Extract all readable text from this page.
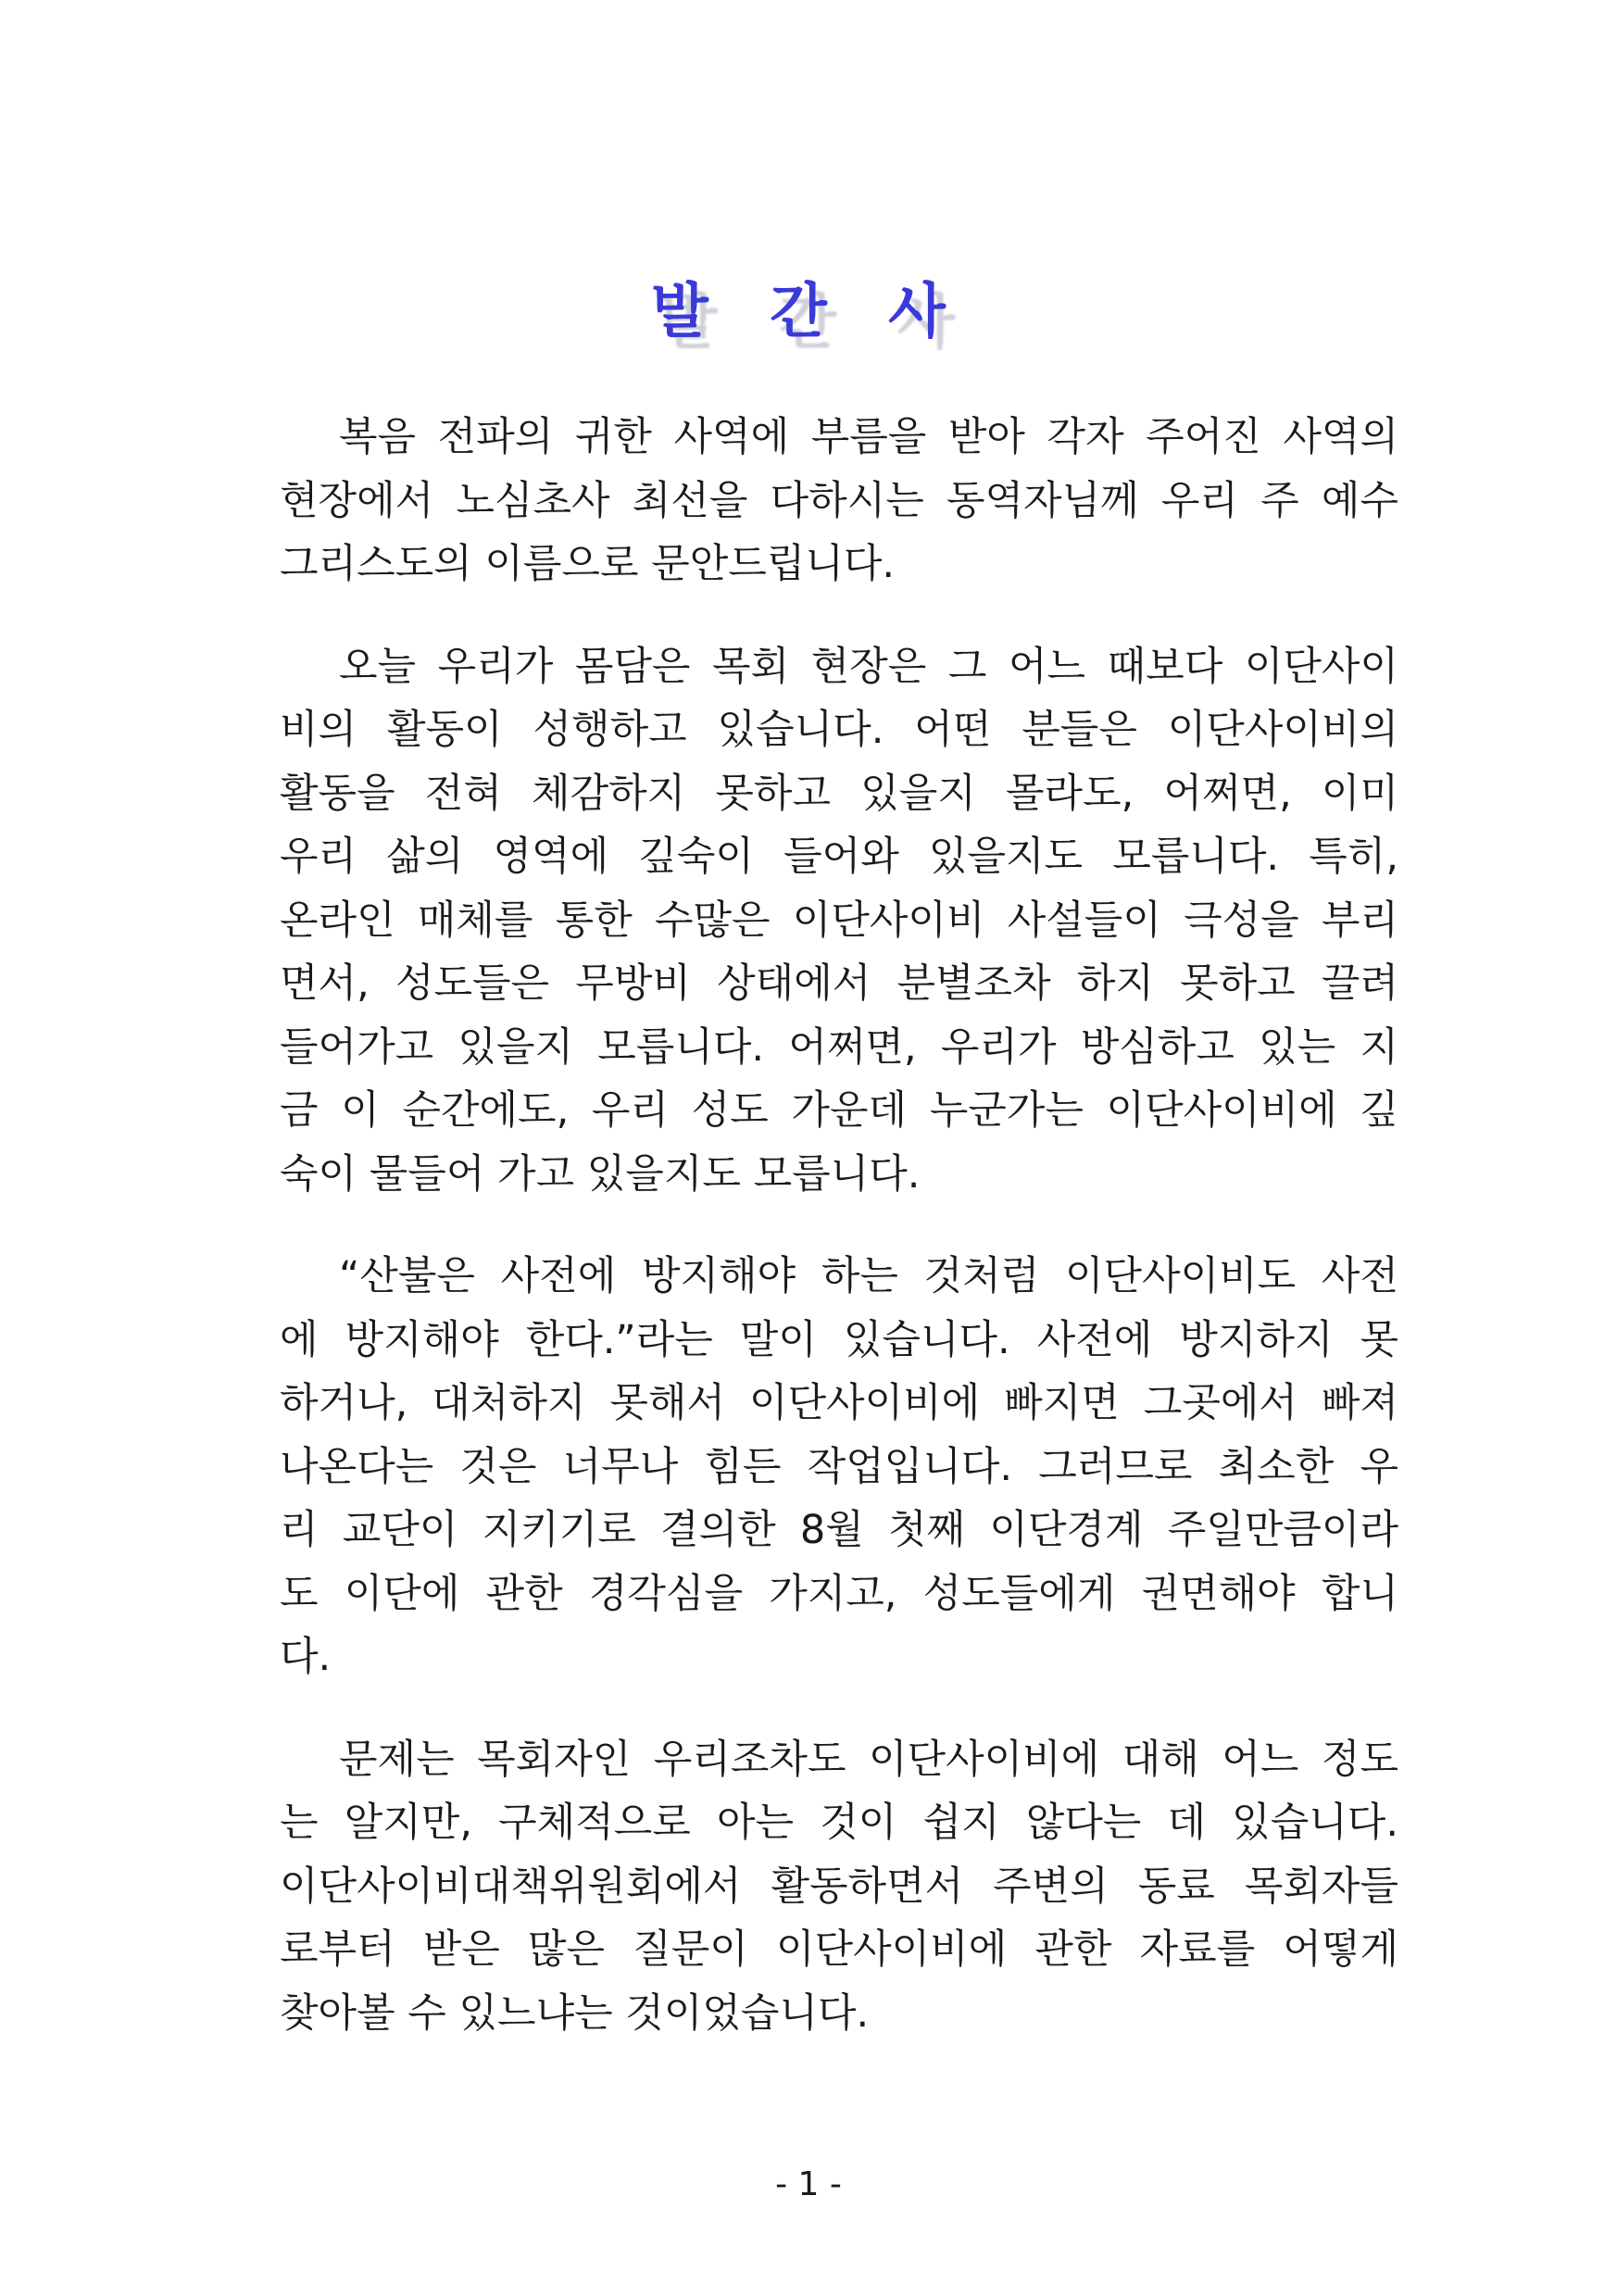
발 간 사
복음 전파의 귀한 사역에 부름을 받아 각자 주어진 사역의
현장에서 노심초사 최선을 다하시는 동역자님께 우리 주 예수
그리스도의 이름으로 문안드립니다.
오늘 우리가 몸담은 목회 현장은 그 어느 때보다 이단사이
비의 활동이 성행하고 있습니다. 어떤 분들은 이단사이비의
활동을 전혀 체감하지 못하고 있을지 몰라도, 어쩌면, 이미
우리 삶의 영역에 깊숙이 들어와 있을지도 모릅니다. 특히,
온라인 매체를 통한 수많은 이단사이비 사설들이 극성을 부리
면서, 성도들은 무방비 상태에서 분별조차 하지 못하고 끌려
들어가고 있을지 모릅니다. 어쩌면, 우리가 방심하고 있는 지
금 이 순간에도, 우리 성도 가운데 누군가는 이단사이비에 깊
숙이 물들어 가고 있을지도 모릅니다.
“산불은 사전에 방지해야 하는 것처럼 이단사이비도 사전
에 방지해야 한다.”라는 말이 있습니다. 사전에 방지하지 못
하거나, 대처하지 못해서 이단사이비에 빠지면 그곳에서 빠져
나온다는 것은 너무나 힘든 작업입니다. 그러므로 최소한 우
리 교단이 지키기로 결의한 8월 첫째 이단경계 주일만큼이라
도 이단에 관한 경각심을 가지고, 성도들에게 권면해야 합니
다.
문제는 목회자인 우리조차도 이단사이비에 대해 어느 정도
는 알지만, 구체적으로 아는 것이 쉽지 않다는 데 있습니다.
이단사이비대책위원회에서 활동하면서 주변의 동료 목회자들
로부터 받은 많은 질문이 이단사이비에 관한 자료를 어떻게
찾아볼 수 있느냐는 것이었습니다.
- 1 -
